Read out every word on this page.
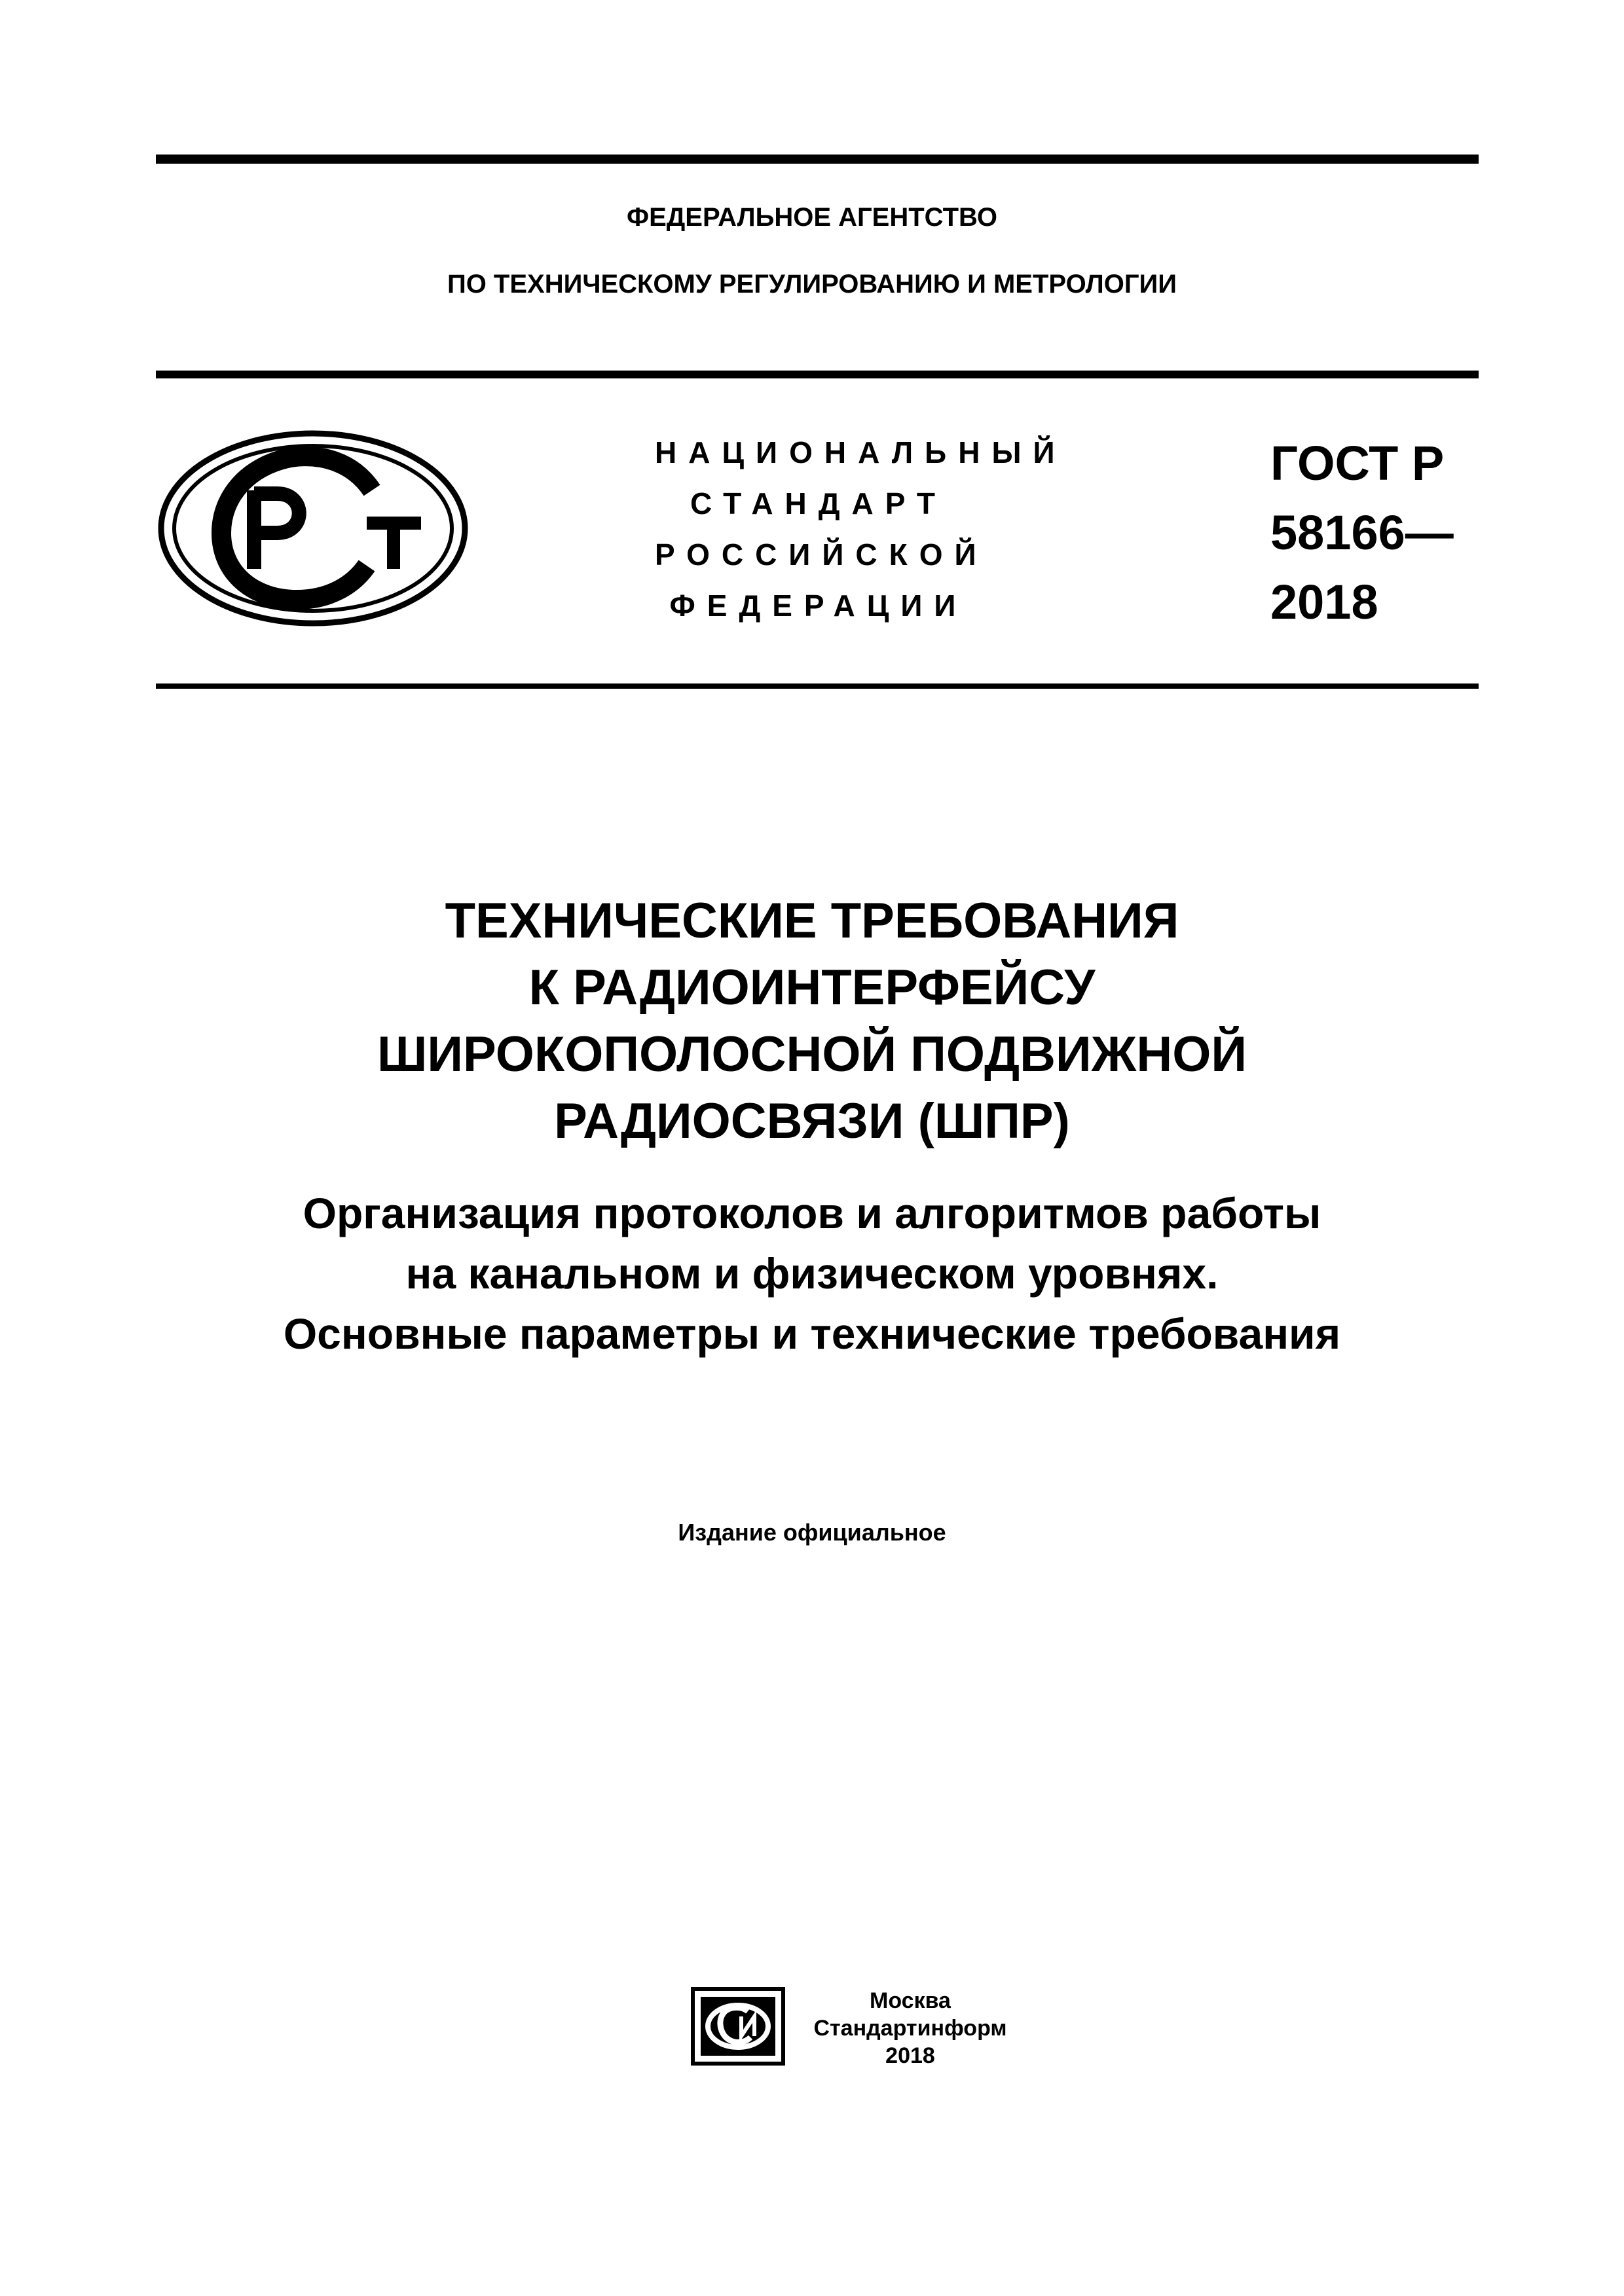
ФЕДЕРАЛЬНОЕ АГЕНТСТВО
ПО ТЕХНИЧЕСКОМУ РЕГУЛИРОВАНИЮ И МЕТРОЛОГИИ
НАЦИОНАЛЬНЫЙ
СТАНДАРТ
РОССИЙСКОЙ
ФЕДЕРАЦИИ
ГОСТ Р
58166—
2018
ТЕХНИЧЕСКИЕ ТРЕБОВАНИЯ
К РАДИОИНТЕРФЕЙСУ
ШИРОКОПОЛОСНОЙ ПОДВИЖНОЙ
РАДИОСВЯЗИ (ШПР)
Организация протоколов и алгоритмов работы
на канальном и физическом уровнях.
Основные параметры и технические требования
Издание официальное
Москва
Стандартинформ
2018
